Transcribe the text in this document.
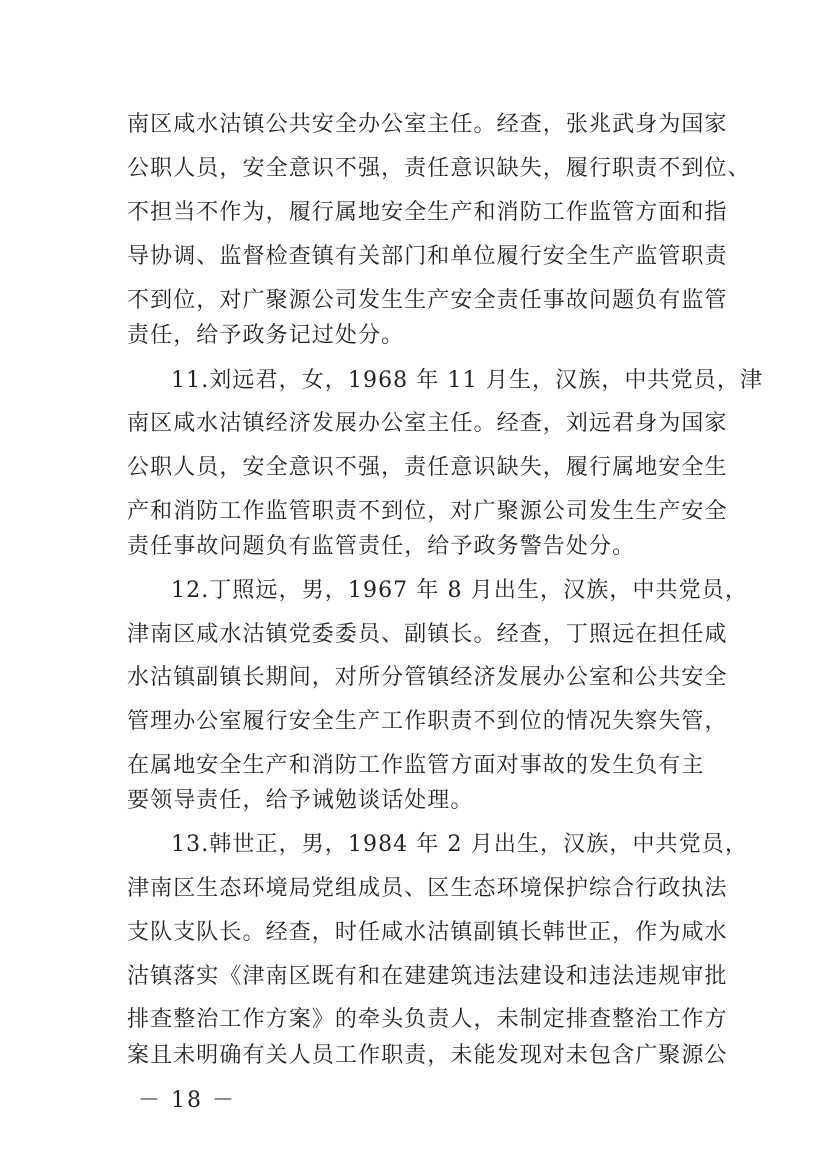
南区咸水沽镇公共安全办公室主任。经查，张兆武身为国家
公职人员，安全意识不强，责任意识缺失，履行职责不到位、
不担当不作为，履行属地安全生产和消防工作监管方面和指
导协调、监督检查镇有关部门和单位履行安全生产监管职责
不到位，对广聚源公司发生生产安全责任事故问题负有监管
责任，给予政务记过处分。
11.刘远君，女，1968 年 11 月生，汉族，中共党员，津
南区咸水沽镇经济发展办公室主任。经查，刘远君身为国家
公职人员，安全意识不强，责任意识缺失，履行属地安全生
产和消防工作监管职责不到位，对广聚源公司发生生产安全
责任事故问题负有监管责任，给予政务警告处分。
12.丁照远，男，1967 年 8 月出生，汉族，中共党员，
津南区咸水沽镇党委委员、副镇长。经查，丁照远在担任咸
水沽镇副镇长期间，对所分管镇经济发展办公室和公共安全
管理办公室履行安全生产工作职责不到位的情况失察失管，
在属地安全生产和消防工作监管方面对事故的发生负有主
要领导责任，给予诫勉谈话处理。
13.韩世正，男，1984 年 2 月出生，汉族，中共党员，
津南区生态环境局党组成员、区生态环境保护综合行政执法
支队支队长。经查，时任咸水沽镇副镇长韩世正，作为咸水
沽镇落实《津南区既有和在建建筑违法建设和违法违规审批
排查整治工作方案》的牵头负责人，未制定排查整治工作方
案且未明确有关人员工作职责，未能发现对未包含广聚源公
－ 18 －
